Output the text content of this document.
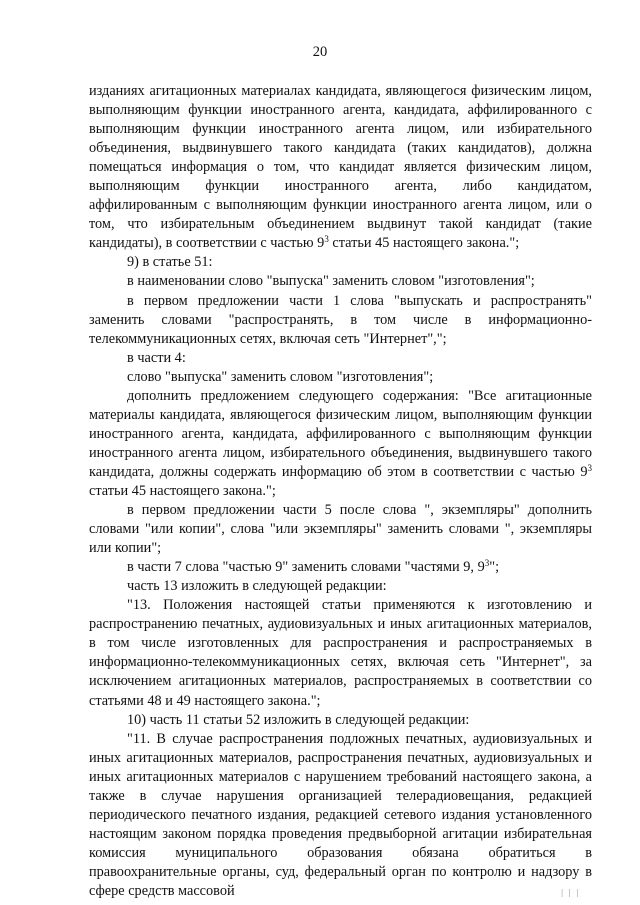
20

изданиях агитационных материалах кандидата, являющегося физическим лицом, выполняющим функции иностранного агента, кандидата, аффилированного с выполняющим функции иностранного агента лицом, или избирательного объединения, выдвинувшего такого кандидата (таких кандидатов), должна помещаться информация о том, что кандидат является физическим лицом, выполняющим функции иностранного агента, либо кандидатом, аффилированным с выполняющим функции иностранного агента лицом, или о том, что избирательным объединением выдвинут такой кандидат (такие кандидаты), в соответствии с частью $9^3$ статьи 45 настоящего закона.";

9) в статье 51:

в наименовании слово "выпуска" заменить словом "изготовления";

в первом предложении части 1 слова "выпускать и распространять" заменить словами "распространять, в том числе в информационно-телекоммуникационных сетях, включая сеть "Интернет",";

в части 4:

слово "выпуска" заменить словом "изготовления";

дополнить предложением следующего содержания: "Все агитационные материалы кандидата, являющегося физическим лицом, выполняющим функции иностранного агента, кандидата, аффилированного с выполняющим функции иностранного агента лицом, избирательного объединения, выдвинувшего такого кандидата, должны содержать информацию об этом в соответствии с частью $9^3$ статьи 45 настоящего закона.";

в первом предложении части 5 после слова ", экземпляры" дополнить словами "или копии", слова "или экземпляры" заменить словами ", экземпляры или копии";

в части 7 слова "частью 9" заменить словами "частями 9, $9^3$";

часть 13 изложить в следующей редакции:

"13. Положения настоящей статьи применяются к изготовлению и распространению печатных, аудиовизуальных и иных агитационных материалов, в том числе изготовленных для распространения и распространяемых в информационно-телекоммуникационных сетях, включая сеть "Интернет", за исключением агитационных материалов, распространяемых в соответствии со статьями 48 и 49 настоящего закона.";

10) часть 11 статьи 52 изложить в следующей редакции:

"11. В случае распространения подложных печатных, аудиовизуальных и иных агитационных материалов, распространения печатных, аудиовизуальных и иных агитационных материалов с нарушением требований настоящего закона, а также в случае нарушения организацией телерадиовещания, редакцией периодического печатного издания, редакцией сетевого издания установленного настоящим законом порядка проведения предвыборной агитации избирательная комиссия муниципального образования обязана обратиться в правоохранительные органы, суд, федеральный орган по контролю и надзору в сфере средств массовой	| | |
